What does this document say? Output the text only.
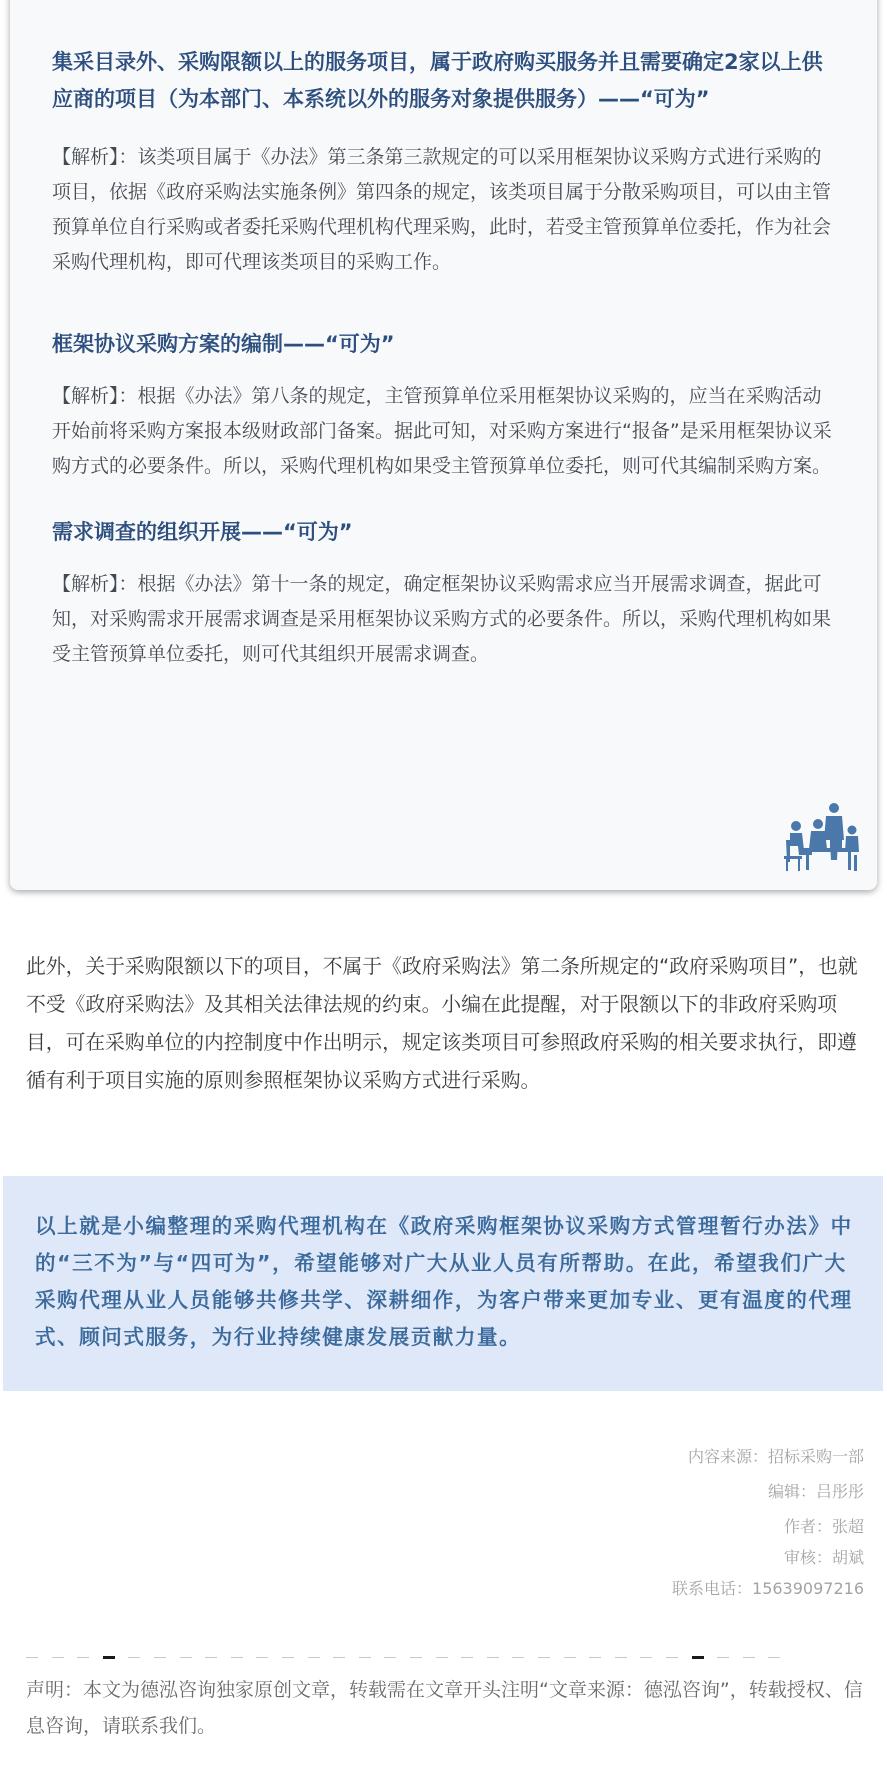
集采目录外、采购限额以上的服务项目，属于政府购买服务并且需要确定2家以上供应商的项目（为本部门、本系统以外的服务对象提供服务）——“可为”

【解析】：该类项目属于《办法》第三条第三款规定的可以采用框架协议采购方式进行采购的项目，依据《政府采购法实施条例》第四条的规定，该类项目属于分散采购项目，可以由主管预算单位自行采购或者委托采购代理机构代理采购，此时，若受主管预算单位委托，作为社会采购代理机构，即可代理该类项目的采购工作。

框架协议采购方案的编制——“可为”

【解析】：根据《办法》第八条的规定，主管预算单位采用框架协议采购的，应当在采购活动开始前将采购方案报本级财政部门备案。据此可知，对采购方案进行“报备”是采用框架协议采购方式的必要条件。所以，采购代理机构如果受主管预算单位委托，则可代其编制采购方案。

需求调查的组织开展——“可为”

【解析】：根据《办法》第十一条的规定，确定框架协议采购需求应当开展需求调查，据此可知，对采购需求开展需求调查是采用框架协议采购方式的必要条件。所以，采购代理机构如果受主管预算单位委托，则可代其组织开展需求调查。

此外，关于采购限额以下的项目，不属于《政府采购法》第二条所规定的“政府采购项目”，也就不受《政府采购法》及其相关法律法规的约束。小编在此提醒，对于限额以下的非政府采购项目，可在采购单位的内控制度中作出明示，规定该类项目可参照政府采购的相关要求执行，即遵循有利于项目实施的原则参照框架协议采购方式进行采购。

以上就是小编整理的采购代理机构在《政府采购框架协议采购方式管理暂行办法》中的“三不为”与“四可为”，希望能够对广大从业人员有所帮助。在此，希望我们广大采购代理从业人员能够共修共学、深耕细作，为客户带来更加专业、更有温度的代理式、顾问式服务，为行业持续健康发展贡献力量。

内容来源：招标采购一部
编辑：吕彤彤
作者：张超
审核：胡斌
联系电话：15639097216

声明：本文为德泓咨询独家原创文章，转载需在文章开头注明“文章来源：德泓咨询”，转载授权、信息咨询，请联系我们。
